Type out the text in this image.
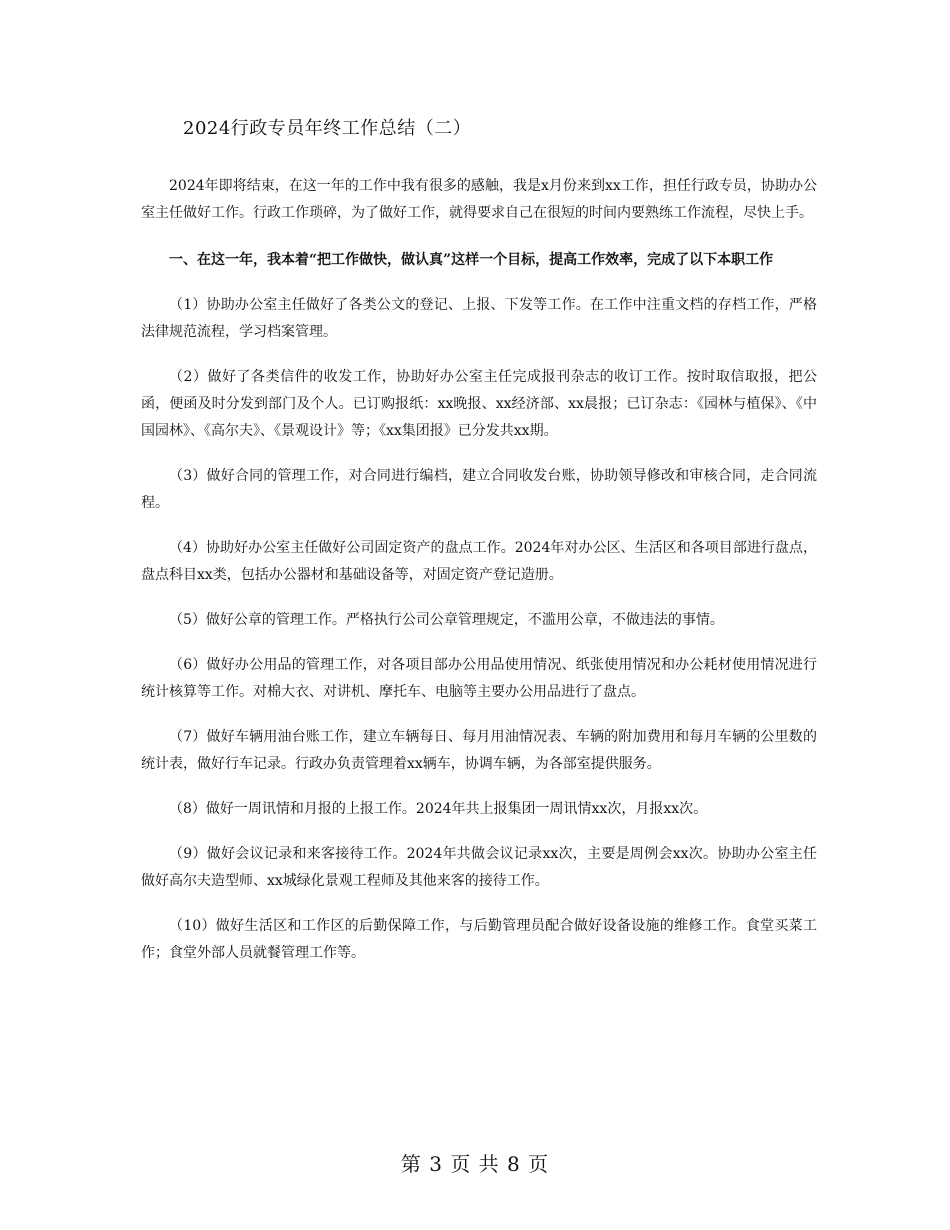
2024行政专员年终工作总结（二）

2024年即将结束，在这一年的工作中我有很多的感触，我是x月份来到xx工作，担任行政专员，协助办公室主任做好工作。行政工作琐碎，为了做好工作，就得要求自己在很短的时间内要熟练工作流程，尽快上手。

一、在这一年，我本着“把工作做快，做认真”这样一个目标，提高工作效率，完成了以下本职工作

（1）协助办公室主任做好了各类公文的登记、上报、下发等工作。在工作中注重文档的存档工作，严格法律规范流程，学习档案管理。

（2）做好了各类信件的收发工作，协助好办公室主任完成报刊杂志的收订工作。按时取信取报，把公函，便函及时分发到部门及个人。已订购报纸：xx晚报、xx经济部、xx晨报；已订杂志：《园林与植保》、《中国园林》、《高尔夫》、《景观设计》等；《xx集团报》已分发共xx期。

（3）做好合同的管理工作，对合同进行编档，建立合同收发台账，协助领导修改和审核合同，走合同流程。

（4）协助好办公室主任做好公司固定资产的盘点工作。2024年对办公区、生活区和各项目部进行盘点，盘点科目xx类，包括办公器材和基础设备等，对固定资产登记造册。

（5）做好公章的管理工作。严格执行公司公章管理规定，不滥用公章，不做违法的事情。

（6）做好办公用品的管理工作，对各项目部办公用品使用情况、纸张使用情况和办公耗材使用情况进行统计核算等工作。对棉大衣、对讲机、摩托车、电脑等主要办公用品进行了盘点。

（7）做好车辆用油台账工作，建立车辆每日、每月用油情况表、车辆的附加费用和每月车辆的公里数的统计表，做好行车记录。行政办负责管理着xx辆车，协调车辆，为各部室提供服务。

（8）做好一周讯情和月报的上报工作。2024年共上报集团一周讯情xx次，月报xx次。

（9）做好会议记录和来客接待工作。2024年共做会议记录xx次，主要是周例会xx次。协助办公室主任做好高尔夫造型师、xx城绿化景观工程师及其他来客的接待工作。

（10）做好生活区和工作区的后勤保障工作，与后勤管理员配合做好设备设施的维修工作。食堂买菜工作；食堂外部人员就餐管理工作等。

第 3 页 共 8 页
